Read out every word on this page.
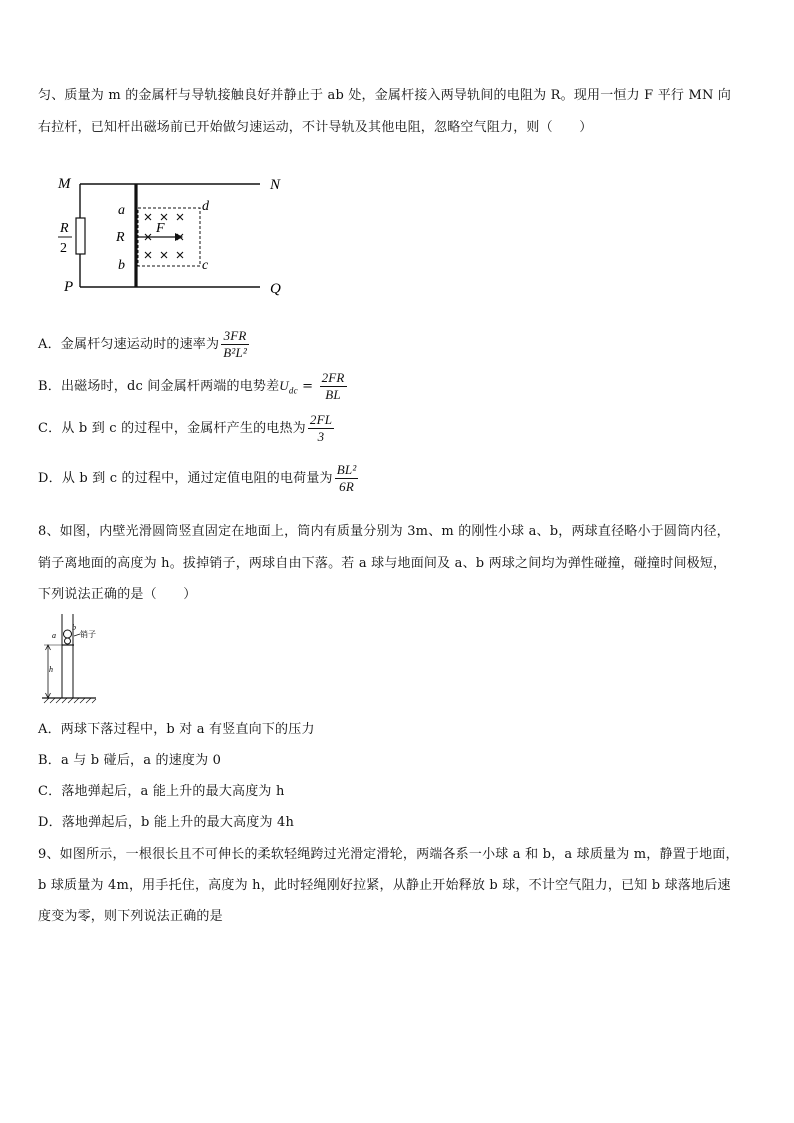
匀、质量为 m 的金属杆与导轨接触良好并静止于 ab 处，金属杆接入两导轨间的电阻为 R。现用一恒力 F 平行 MN 向
右拉杆，已知杆出磁场前已开始做匀速运动，不计导轨及其他电阻，忽略空气阻力，则（　　）
M	N
P	Q
R
2
a
R
b
d
c
F
A．金属杆匀速运动时的速率为 $\frac{3FR}{\text{B²L²}}$
B．出磁场时，dc 间金属杆两端的电势差$U_{dc} = \frac{2FR}{BL}$
C．从 b 到 c 的过程中，金属杆产生的电热为 $\frac{2FL}{3}$
D．从 b 到 c 的过程中，通过定值电阻的电荷量为 $\frac{\text{BL²}}{6R}$
8、如图，内壁光滑圆筒竖直固定在地面上，筒内有质量分别为 3m、m 的刚性小球 a、b，两球直径略小于圆筒内径，
销子离地面的高度为 h。拔掉销子，两球自由下落。若 a 球与地面间及 a、b 两球之间均为弹性碰撞，碰撞时间极短，
下列说法正确的是（　　）
销子
a
b
h
A．两球下落过程中，b 对 a 有竖直向下的压力
B．a 与 b 碰后，a 的速度为 0
C．落地弹起后，a 能上升的最大高度为 h
D．落地弹起后，b 能上升的最大高度为 4h
9、如图所示，一根很长且不可伸长的柔软轻绳跨过光滑定滑轮，两端各系一小球 a 和 b，a 球质量为 m，静置于地面，
b 球质量为 4m，用手托住，高度为 h，此时轻绳刚好拉紧，从静止开始释放 b 球，不计空气阻力，已知 b 球落地后速
度变为零，则下列说法正确的是
